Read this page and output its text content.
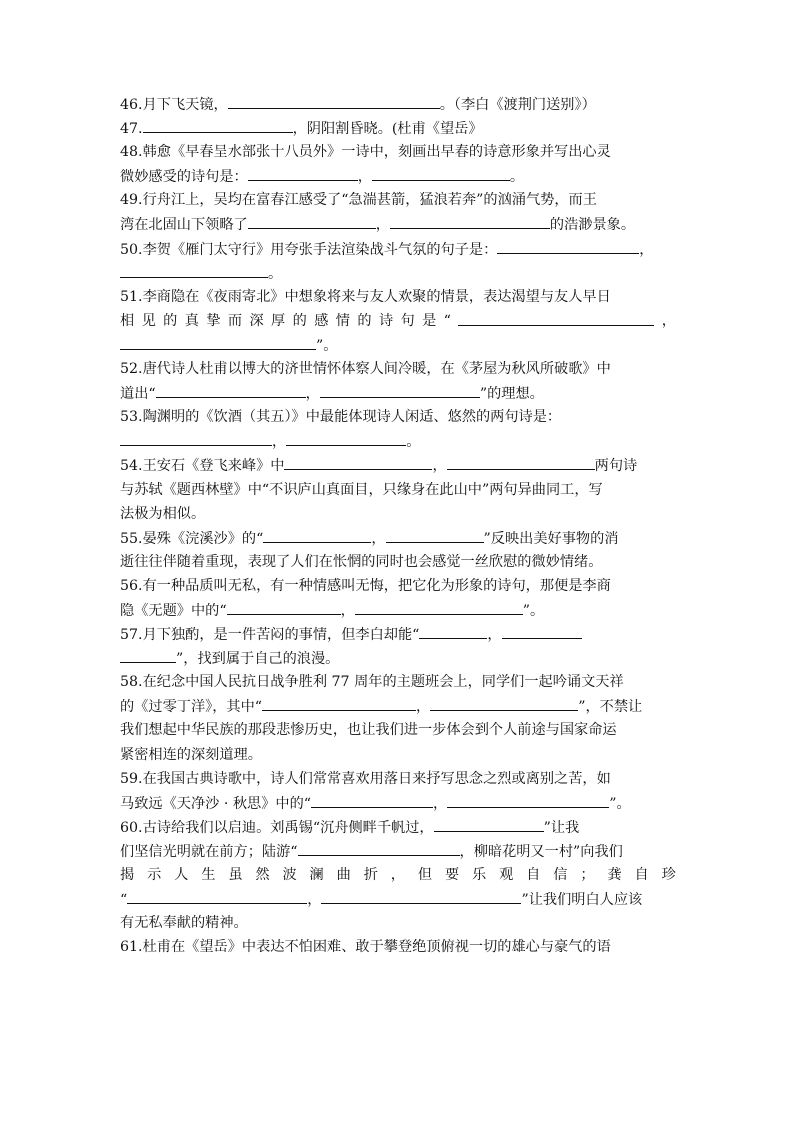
46.月下飞天镜，	。（李白《渡荆门送别》）
47.	，阴阳割昏晓。(杜甫《望岳》
48.韩愈《早春呈水部张十八员外》一诗中，刻画出早春的诗意形象并写出心灵
微妙感受的诗句是：	，	。
49.行舟江上，吴均在富春江感受了“急湍甚箭，猛浪若奔”的汹涌气势，而王
湾在北固山下领略了	，	的浩渺景象。
50.李贺《雁门太守行》用夸张手法渲染战斗气氛的句子是：	，
。
51.李商隐在《夜雨寄北》中想象将来与友人欢聚的情景，表达渴望与友人早日
相 见 的 真 挚 而 深 厚 的 感 情 的 诗 句 是 “	，
”。
52.唐代诗人杜甫以博大的济世情怀体察人间冷暖，在《茅屋为秋风所破歌》中
道出“	，	”的理想。
53.陶渊明的《饮酒（其五）》中最能体现诗人闲适、悠然的两句诗是：
，	。
54.王安石《登飞来峰》中	，	两句诗
与苏轼《题西林壁》中“不识庐山真面目，只缘身在此山中”两句异曲同工，写
法极为相似。
55.晏殊《浣溪沙》的“	，	”反映出美好事物的消
逝往往伴随着重现，表现了人们在怅惘的同时也会感觉一丝欣慰的微妙情绪。
56.有一种品质叫无私，有一种情感叫无悔，把它化为形象的诗句，那便是李商
隐《无题》中的“	，	”。
57.月下独酌，是一件苦闷的事情，但李白却能“	，
”，找到属于自己的浪漫。
58.在纪念中国人民抗日战争胜利 77 周年的主题班会上，同学们一起吟诵文天祥
的《过零丁洋》，其中“	，	”，不禁让
我们想起中华民族的那段悲惨历史，也让我们进一步体会到个人前途与国家命运
紧密相连的深刻道理。
59.在我国古典诗歌中，诗人们常常喜欢用落日来抒写思念之烈或离别之苦，如
马致远《天净沙 · 秋思》中的“	，	”。
60.古诗给我们以启迪。刘禹锡“沉舟侧畔千帆过，	”让我
们坚信光明就在前方；陆游“	，柳暗花明又一村”向我们
揭 示 人 生 虽 然 波 澜 曲 折 ， 但 要 乐 观 自 信 ； 龚 自 珍
“	，	”让我们明白人应该
有无私奉献的精神。
61.杜甫在《望岳》中表达不怕困难、敢于攀登绝顶俯视一切的雄心与豪气的语
